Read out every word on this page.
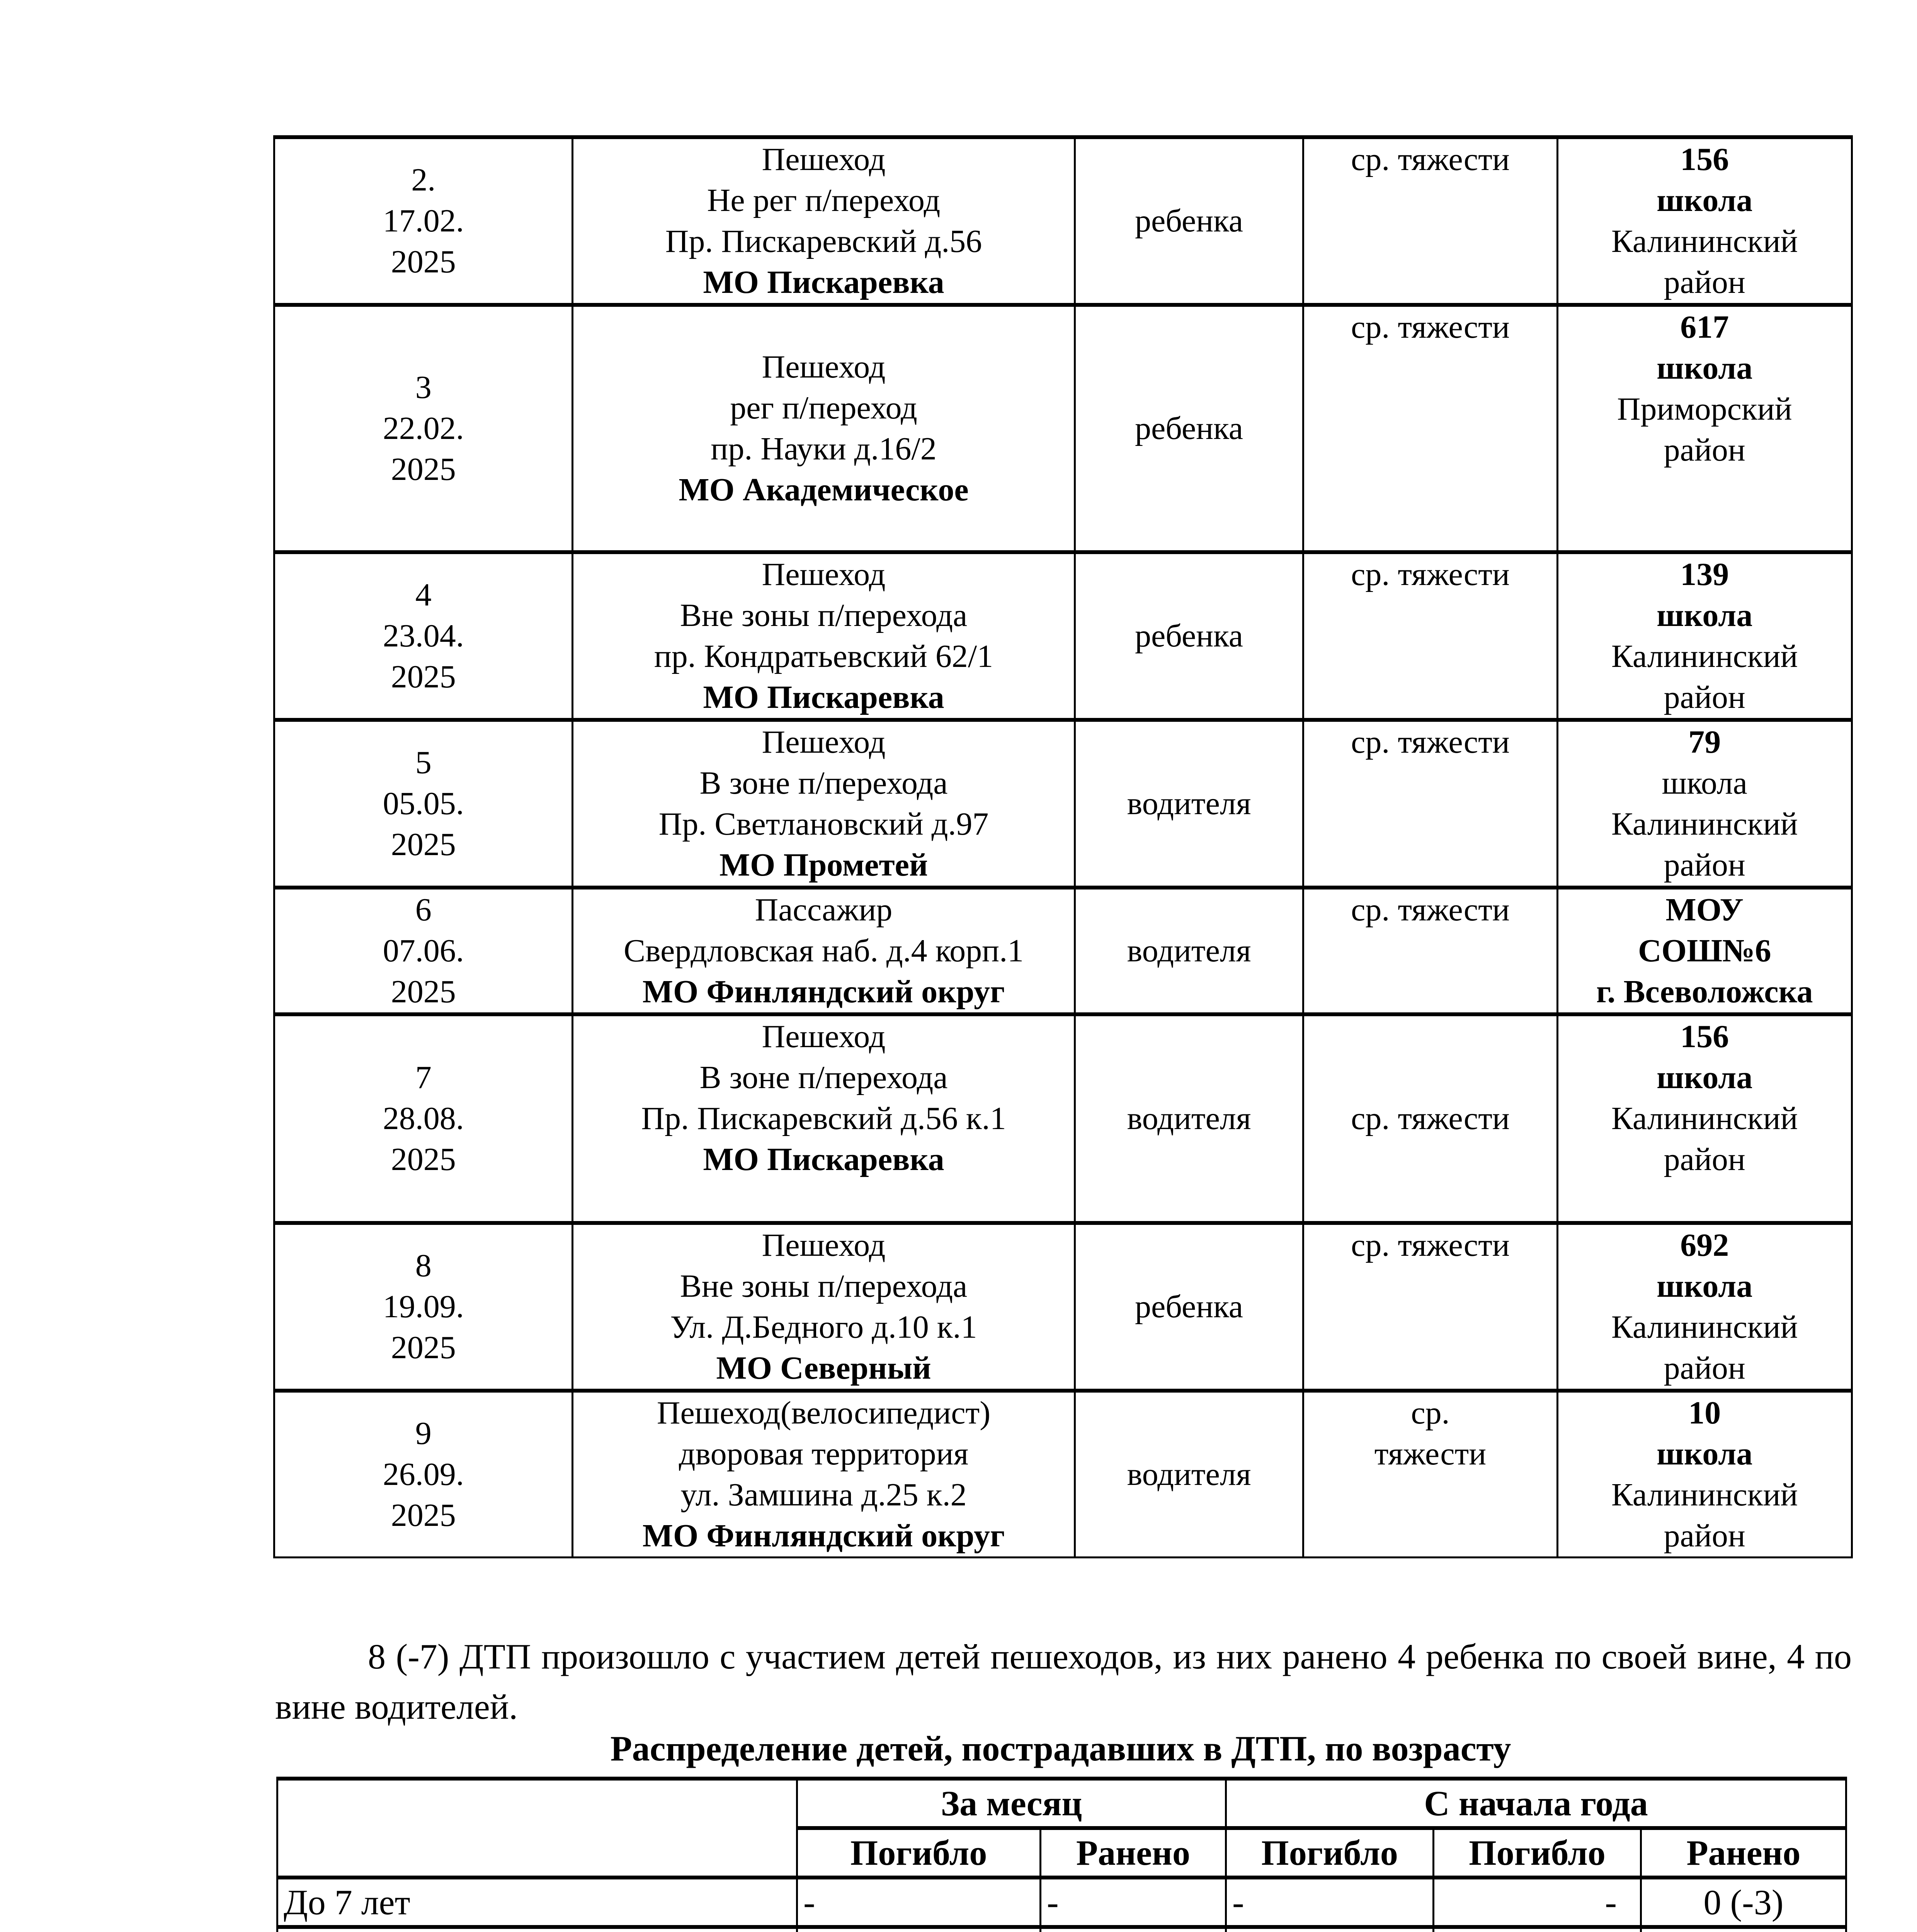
2.
17.02.
2025	Пешеход
Не рег п/переход
Пр. Пискаревский д.56
МО Пискаревка	ребенка	ср. тяжести	156
школа
Калининский
район

3
22.02.
2025	Пешеход
рег п/переход
пр. Науки д.16/2
МО Академическое	ребенка	ср. тяжести	617
школа
Приморский
район

4
23.04.
2025	Пешеход
Вне зоны п/перехода
пр. Кондратьевский 62/1
МО Пискаревка	ребенка	ср. тяжести	139
школа
Калининский
район

5
05.05.
2025	Пешеход
В зоне п/перехода
Пр. Светлановский д.97
МО Прометей	водителя	ср. тяжести	79
школа
Калининский
район

6
07.06.
2025	Пассажир
Свердловская наб. д.4 корп.1
МО Финляндский округ	водителя	ср. тяжести	МОУ
СОШ№6
г. Всеволожска

7
28.08.
2025	Пешеход
В зоне п/перехода
Пр. Пискаревский д.56 к.1
МО Пискаревка	водителя	ср. тяжести	156
школа
Калининский
район

8
19.09.
2025	Пешеход
Вне зоны п/перехода
Ул. Д.Бедного д.10 к.1
МО Северный	ребенка	ср. тяжести	692
школа
Калининский
район

9
26.09.
2025	Пешеход(велосипедист)
дворовая территория
ул. Замшина д.25 к.2
МО Финляндский округ	водителя	ср.
тяжести	10
школа
Калининский
район

8 (-7) ДТП произошло с участием детей пешеходов, из них ранено 4 ребенка по своей вине, 4 по вине водителей.

Распределение детей, пострадавших в ДТП, по возрасту
	За месяц		С начала года		
	Погибло	Ранено	Погибло	Погибло	Ранено
До 7 лет	-	-	-	-	0 (-3)
